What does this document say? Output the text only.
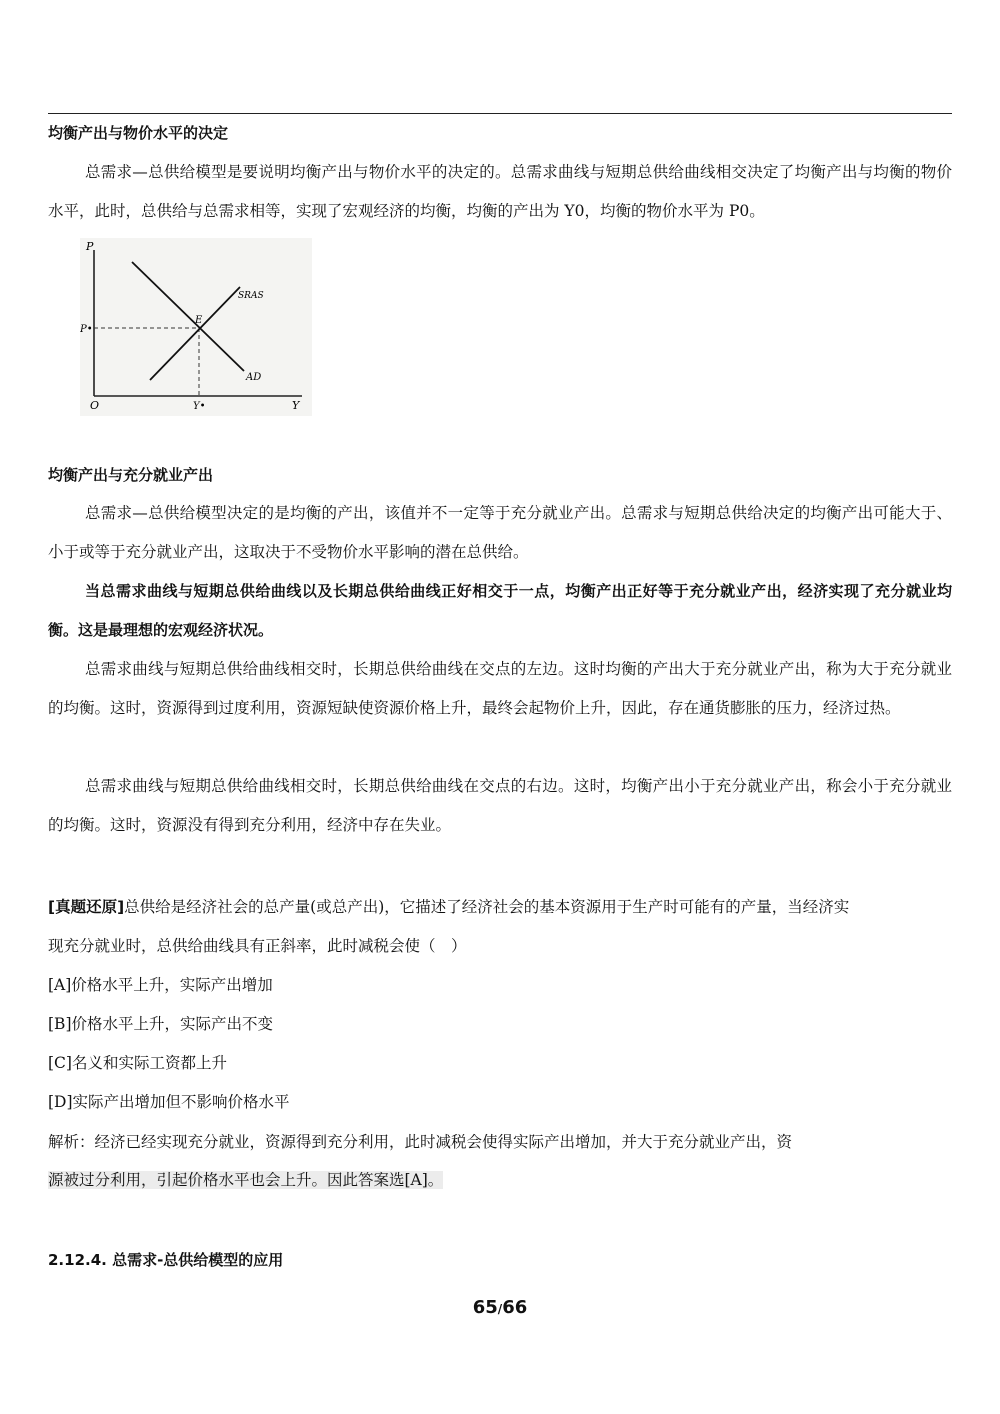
均衡产出与物价水平的决定

总需求—总供给模型是要说明均衡产出与物价水平的决定的。总需求曲线与短期总供给曲线相交决定了均衡产出与均衡的物价水平，此时，总供给与总需求相等，实现了宏观经济的均衡，均衡的产出为 Y0，均衡的物价水平为 P0。

P
Y
O
P•
Y•
E
SRAS
AD
均衡产出与充分就业产出

总需求—总供给模型决定的是均衡的产出，该值并不一定等于充分就业产出。总需求与短期总供给决定的均衡产出可能大于、小于或等于充分就业产出，这取决于不受物价水平影响的潜在总供给。

当总需求曲线与短期总供给曲线以及长期总供给曲线正好相交于一点，均衡产出正好等于充分就业产出，经济实现了充分就业均衡。这是最理想的宏观经济状况。

总需求曲线与短期总供给曲线相交时，长期总供给曲线在交点的左边。这时均衡的产出大于充分就业产出，称为大于充分就业的均衡。这时，资源得到过度利用，资源短缺使资源价格上升，最终会起物价上升，因此，存在通货膨胀的压力，经济过热。

总需求曲线与短期总供给曲线相交时，长期总供给曲线在交点的右边。这时，均衡产出小于充分就业产出，称会小于充分就业的均衡。这时，资源没有得到充分利用，经济中存在失业。

[真题还原]总供给是经济社会的总产量(或总产出)，它描述了经济社会的基本资源用于生产时可能有的产量，当经济实
现充分就业时，总供给曲线具有正斜率，此时减税会使（　）
[A]价格水平上升，实际产出增加
[B]价格水平上升，实际产出不变
[C]名义和实际工资都上升
[D]实际产出增加但不影响价格水平
解析：经济已经实现充分就业，资源得到充分利用，此时减税会使得实际产出增加，并大于充分就业产出，资
源被过分利用，引起价格水平也会上升。因此答案选[A]。
2.12.4. 总需求-总供给模型的应用
65/66
